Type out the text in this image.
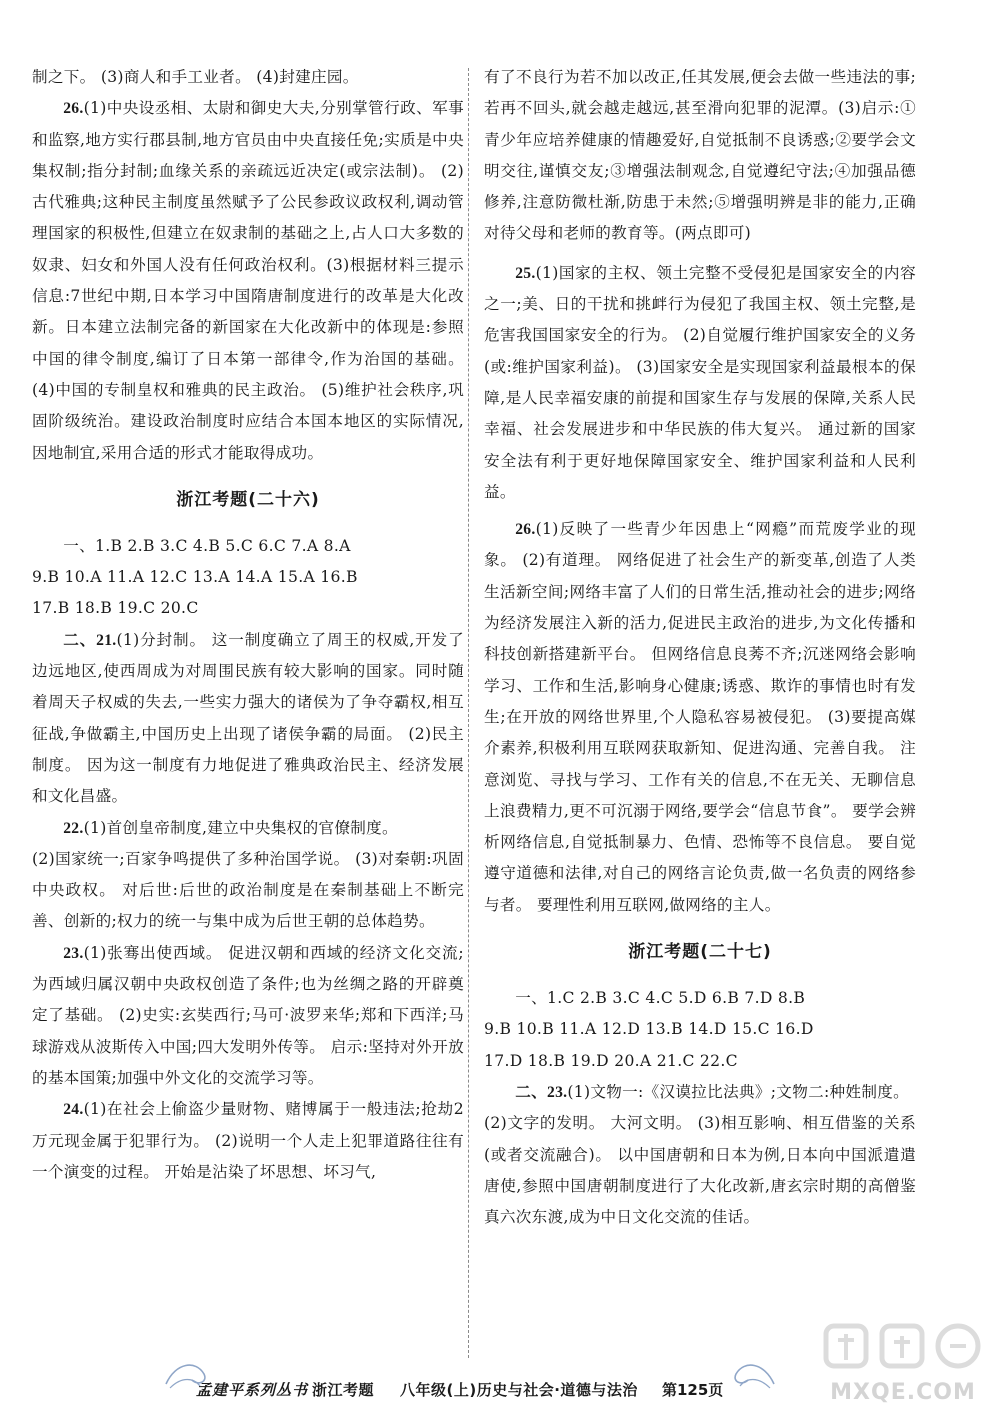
制之下。 (3)商人和手工业者。 (4)封建庄园。

26.(1)中央设丞相、太尉和御史大夫,分别掌管行政、军事和监察,地方实行郡县制,地方官员由中央直接任免;实质是中央集权制;指分封制;血缘关系的亲疏远近决定(或宗法制)。 (2)古代雅典;这种民主制度虽然赋予了公民参政议政权利,调动管理国家的积极性,但建立在奴隶制的基础之上,占人口大多数的奴隶、妇女和外国人没有任何政治权利。(3)根据材料三提示信息:7世纪中期,日本学习中国隋唐制度进行的改革是大化改新。日本建立法制完备的新国家在大化改新中的体现是:参照中国的律令制度,编订了日本第一部律令,作为治国的基础。 (4)中国的专制皇权和雅典的民主政治。 (5)维护社会秩序,巩固阶级统治。建设政治制度时应结合本国本地区的实际情况,因地制宜,采用合适的形式才能取得成功。

浙江考题(二十六)

一、1.B 2.B 3.C 4.B 5.C 6.C 7.A 8.A

9.B 10.A 11.A 12.C 13.A 14.A 15.A 16.B

17.B 18.B 19.C 20.C

二、21.(1)分封制。 这一制度确立了周王的权威,开发了边远地区,使西周成为对周围民族有较大影响的国家。同时随着周天子权威的失去,一些实力强大的诸侯为了争夺霸权,相互征战,争做霸主,中国历史上出现了诸侯争霸的局面。 (2)民主制度。 因为这一制度有力地促进了雅典政治民主、经济发展和文化昌盛。

22.(1)首创皇帝制度,建立中央集权的官僚制度。

(2)国家统一;百家争鸣提供了多种治国学说。 (3)对秦朝:巩固中央政权。 对后世:后世的政治制度是在秦制基础上不断完善、创新的;权力的统一与集中成为后世王朝的总体趋势。

23.(1)张骞出使西域。 促进汉朝和西域的经济文化交流;为西域归属汉朝中央政权创造了条件;也为丝绸之路的开辟奠定了基础。 (2)史实:玄奘西行;马可·波罗来华;郑和下西洋;马球游戏从波斯传入中国;四大发明外传等。 启示:坚持对外开放的基本国策;加强中外文化的交流学习等。

24.(1)在社会上偷盗少量财物、赌博属于一般违法;抢劫2万元现金属于犯罪行为。 (2)说明一个人走上犯罪道路往往有一个演变的过程。 开始是沾染了坏思想、坏习气,

有了不良行为若不加以改正,任其发展,便会去做一些违法的事;若再不回头,就会越走越远,甚至滑向犯罪的泥潭。(3)启示:①青少年应培养健康的情趣爱好,自觉抵制不良诱惑;②要学会文明交往,谨慎交友;③增强法制观念,自觉遵纪守法;④加强品德修养,注意防微杜渐,防患于未然;⑤增强明辨是非的能力,正确对待父母和老师的教育等。(两点即可)

25.(1)国家的主权、领土完整不受侵犯是国家安全的内容之一;美、日的干扰和挑衅行为侵犯了我国主权、领土完整,是危害我国国家安全的行为。 (2)自觉履行维护国家安全的义务(或:维护国家利益)。 (3)国家安全是实现国家利益最根本的保障,是人民幸福安康的前提和国家生存与发展的保障,关系人民幸福、社会发展进步和中华民族的伟大复兴。 通过新的国家安全法有利于更好地保障国家安全、维护国家利益和人民利益。

26.(1)反映了一些青少年因患上“网瘾”而荒废学业的现象。 (2)有道理。 网络促进了社会生产的新变革,创造了人类生活新空间;网络丰富了人们的日常生活,推动社会的进步;网络为经济发展注入新的活力,促进民主政治的进步,为文化传播和科技创新搭建新平台。 但网络信息良莠不齐;沉迷网络会影响学习、工作和生活,影响身心健康;诱惑、欺诈的事情也时有发生;在开放的网络世界里,个人隐私容易被侵犯。 (3)要提高媒介素养,积极利用互联网获取新知、促进沟通、完善自我。 注意浏览、寻找与学习、工作有关的信息,不在无关、无聊信息上浪费精力,更不可沉溺于网络,要学会“信息节食”。 要学会辨析网络信息,自觉抵制暴力、色情、恐怖等不良信息。 要自觉遵守道德和法律,对自己的网络言论负责,做一名负责的网络参与者。 要理性利用互联网,做网络的主人。

浙江考题(二十七)

一、1.C 2.B 3.C 4.C 5.D 6.B 7.D 8.B

9.B 10.B 11.A 12.D 13.B 14.D 15.C 16.D

17.D 18.B 19.D 20.A 21.C 22.C

二、23.(1)文物一:《汉谟拉比法典》;文物二:种姓制度。

(2)文字的发明。 大河文明。 (3)相互影响、相互借鉴的关系(或者交流融合)。 以中国唐朝和日本为例,日本向中国派遣遣唐使,参照中国唐朝制度进行了大化改新,唐玄宗时期的高僧鉴真六次东渡,成为中日文化交流的佳话。

孟建平系列丛书 浙江考题 八年级(上)历史与社会·道德与法治 第125页	MXQE.COM
